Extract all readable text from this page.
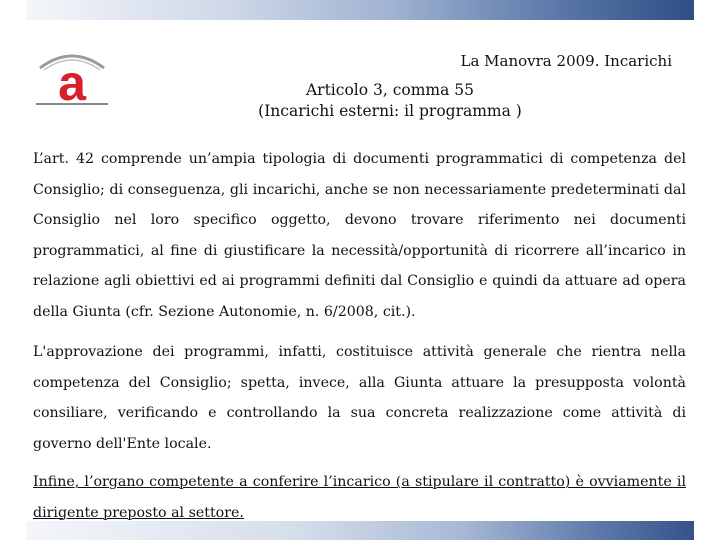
a	La Manovra 2009. Incarichi
Articolo 3, comma 55
(Incarichi esterni: il programma )

L’art. 42 comprende un’ampia tipologia di documenti programmatici di competenza del Consiglio; di conseguenza, gli incarichi, anche se non necessariamente predeterminati dal Consiglio nel loro specifico oggetto, devono trovare riferimento nei documenti programmatici, al fine di giustificare la necessità/opportunità di ricorrere all’incarico in relazione agli obiettivi ed ai programmi definiti dal Consiglio e quindi da attuare ad opera della Giunta (cfr. Sezione Autonomie, n. 6/2008, cit.).

L'approvazione dei programmi, infatti, costituisce attività generale che rientra nella competenza del Consiglio; spetta, invece, alla Giunta attuare la presupposta volontà consiliare, verificando e controllando la sua concreta realizzazione come attività di governo dell'Ente locale.

Infine, l’organo competente a conferire l’incarico (a stipulare il contratto) è ovviamente il dirigente preposto al settore.
